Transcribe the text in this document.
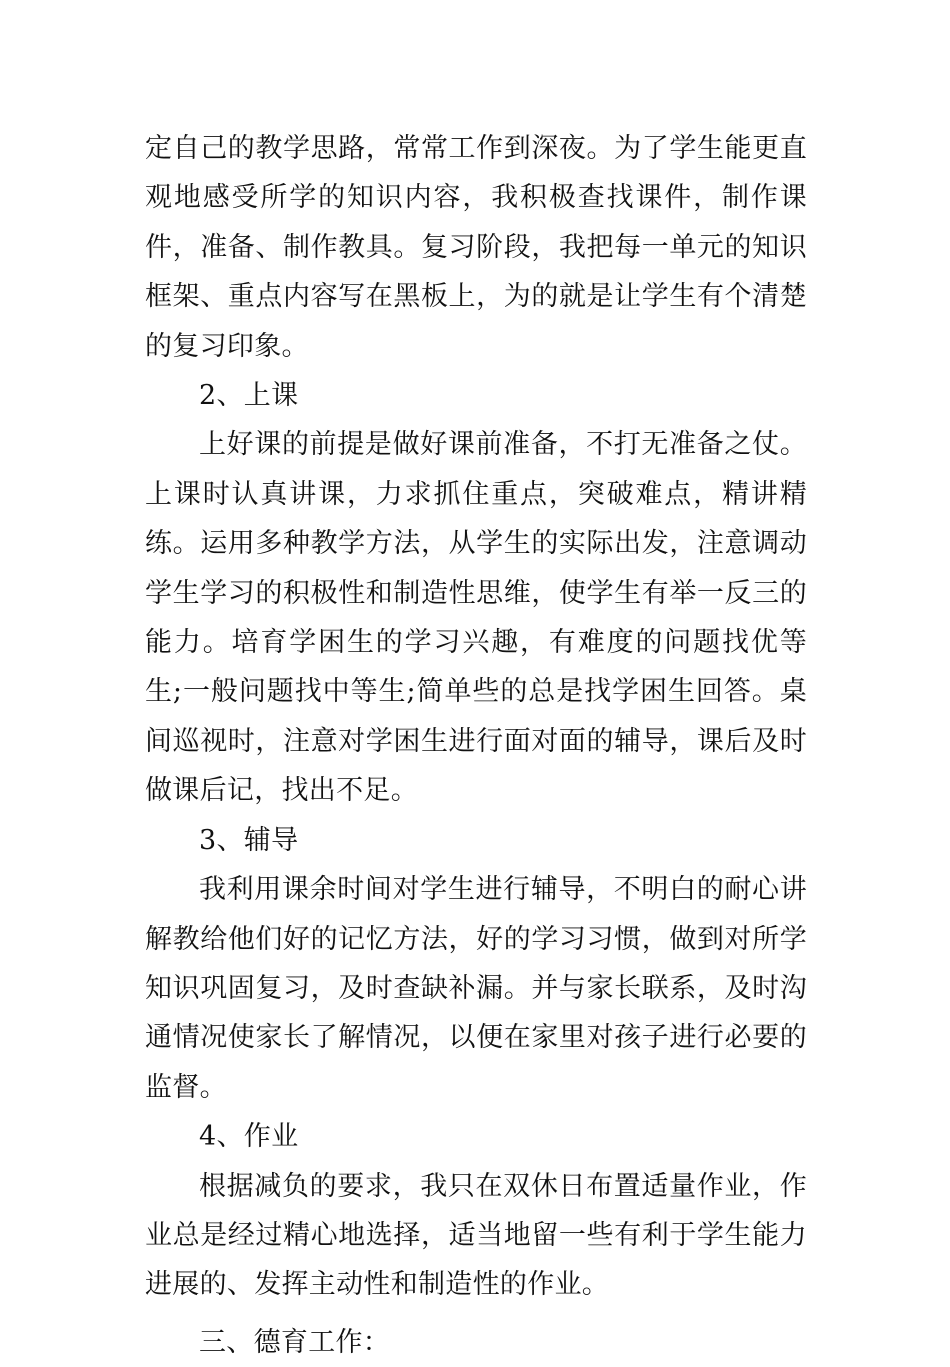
定自己的教学思路，常常工作到深夜。为了学生能更直观地感受所学的知识内容，我积极查找课件，制作课件，准备、制作教具。复习阶段，我把每一单元的知识框架、重点内容写在黑板上，为的就是让学生有个清楚的复习印象。

2、上课

上好课的前提是做好课前准备，不打无准备之仗。上课时认真讲课，力求抓住重点，突破难点，精讲精练。运用多种教学方法，从学生的实际出发，注意调动学生学习的积极性和制造性思维，使学生有举一反三的能力。培育学困生的学习兴趣，有难度的问题找优等生;一般问题找中等生;简单些的总是找学困生回答。桌间巡视时，注意对学困生进行面对面的辅导，课后及时做课后记，找出不足。

3、辅导

我利用课余时间对学生进行辅导，不明白的耐心讲解教给他们好的记忆方法，好的学习习惯，做到对所学知识巩固复习，及时查缺补漏。并与家长联系，及时沟通情况使家长了解情况，以便在家里对孩子进行必要的监督。

4、作业

根据减负的要求，我只在双休日布置适量作业，作业总是经过精心地选择，适当地留一些有利于学生能力进展的、发挥主动性和制造性的作业。

三、德育工作：
